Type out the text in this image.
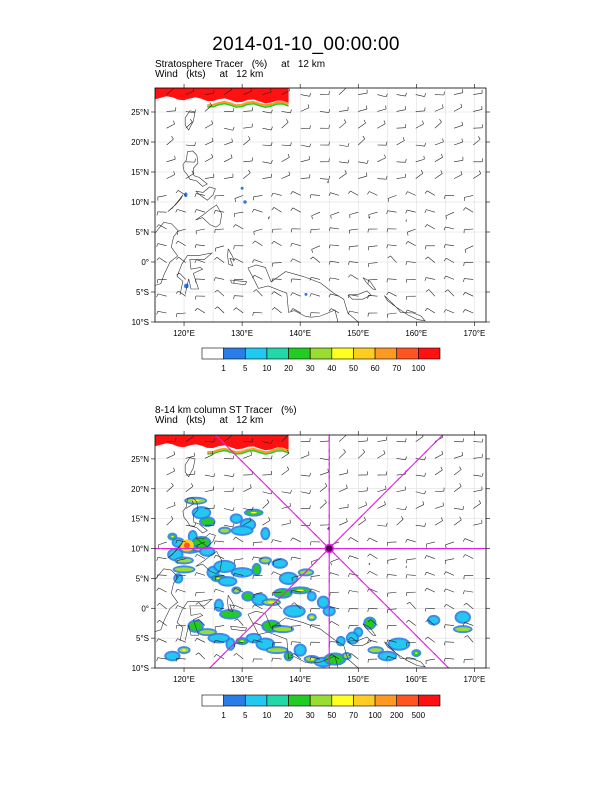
2014-01-10_00:00:00
Stratosphere Tracer   (%)     at   12 km
Wind   (kts)     at   12 km
8-14 km column ST Tracer   (%)
Wind   (kts)     at   12 km
120°E	130°E	140°E	150°E	160°E	170°E
25°N
20°N
15°N
10°N
5°N
0°
5°S
10°S
1 5 10 20 30 40 50 60 70 100
120°E	130°E	140°E	150°E	160°E	170°E
25°N
20°N
15°N
10°N
5°N
0°
5°S
10°S
1 5 10 20 30 50 70 100 200 500
